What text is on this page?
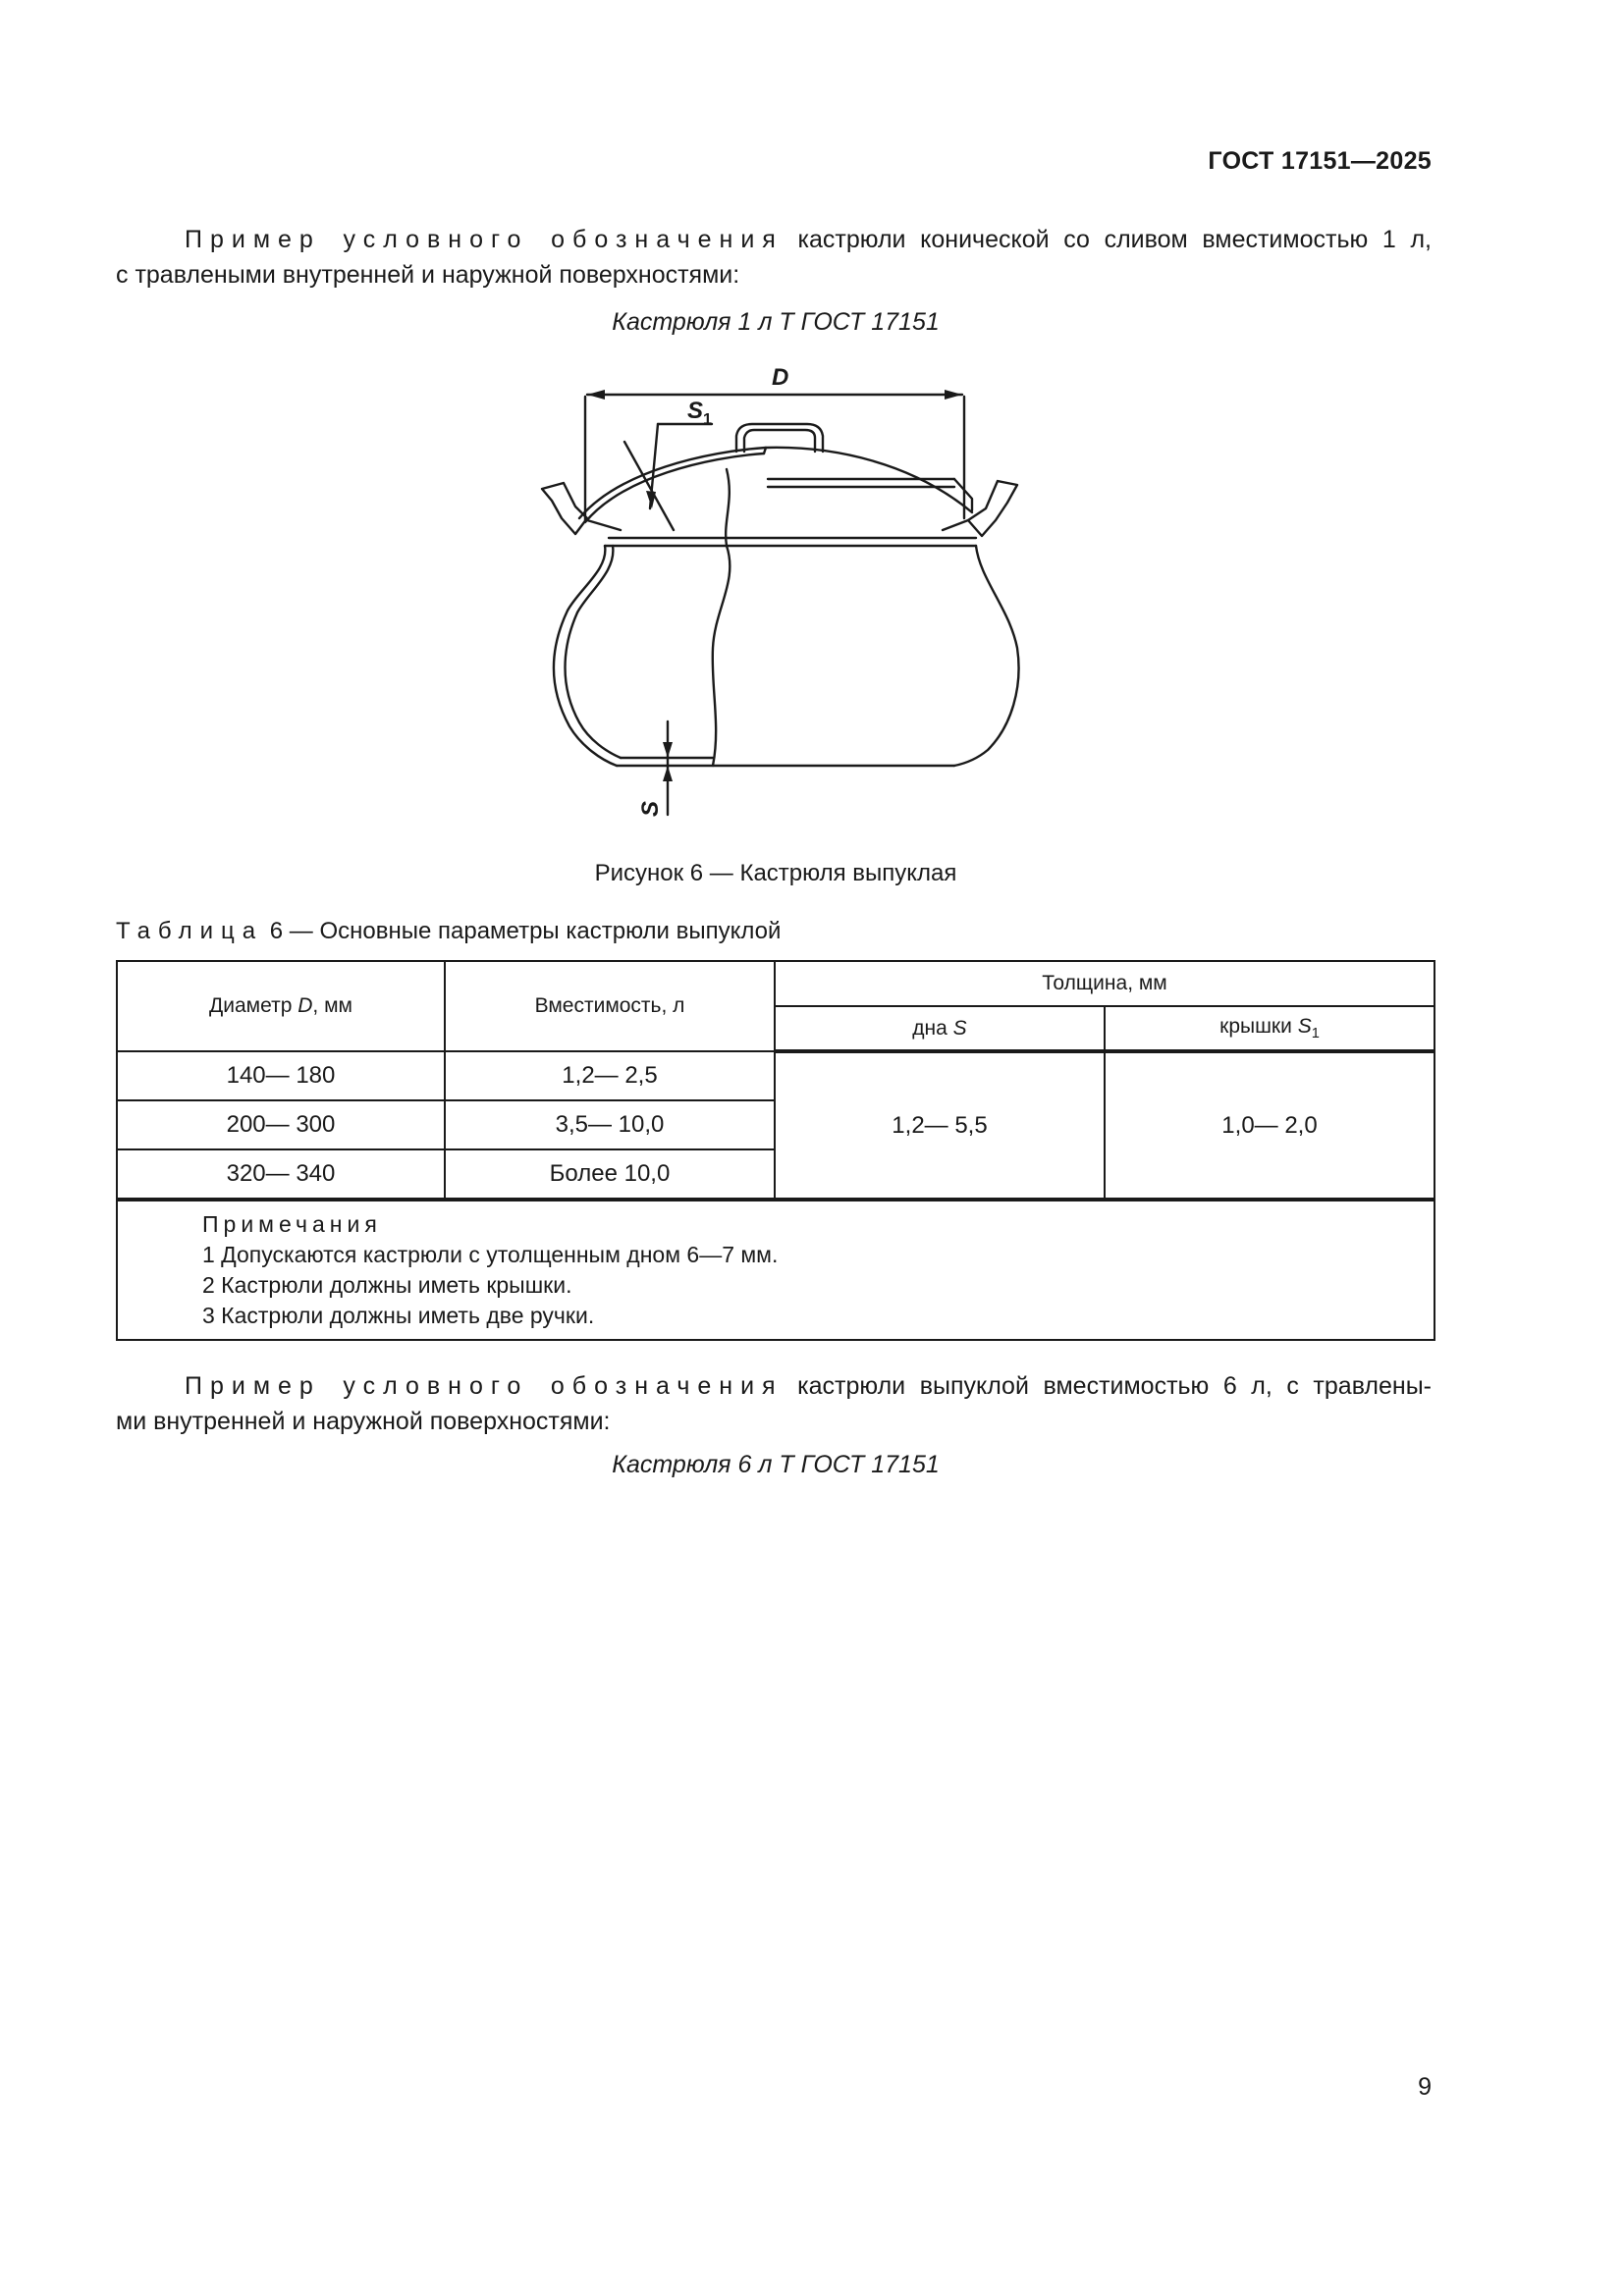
ГОСТ 17151—2025
Пример условного обозначения кастрюли конической со сливом вместимостью 1 л,
с травлеными внутренней и наружной поверхностями:
Кастрюля 1 л Т ГОСТ 17151
D
$S_1$
S
Рисунок 6 — Кастрюля выпуклая
Таблица 6 — Основные параметры кастрюли выпуклой
Диаметр D, мм	Вместимость, л	Толщина, мм	
		дна S	крышки $S_1$
140— 180	1,2— 2,5	1,2— 5,5	1,0— 2,0
200— 300	3,5— 10,0		
320— 340	Более 10,0		

Примечания
1 Допускаются кастрюли с утолщенным дном 6—7 мм.
2 Кастрюли должны иметь крышки.
3 Кастрюли должны иметь две ручки.			
Пример условного обозначения кастрюли выпуклой вместимостью 6 л, с травлены-
ми внутренней и наружной поверхностями:
Кастрюля 6 л Т ГОСТ 17151
9
